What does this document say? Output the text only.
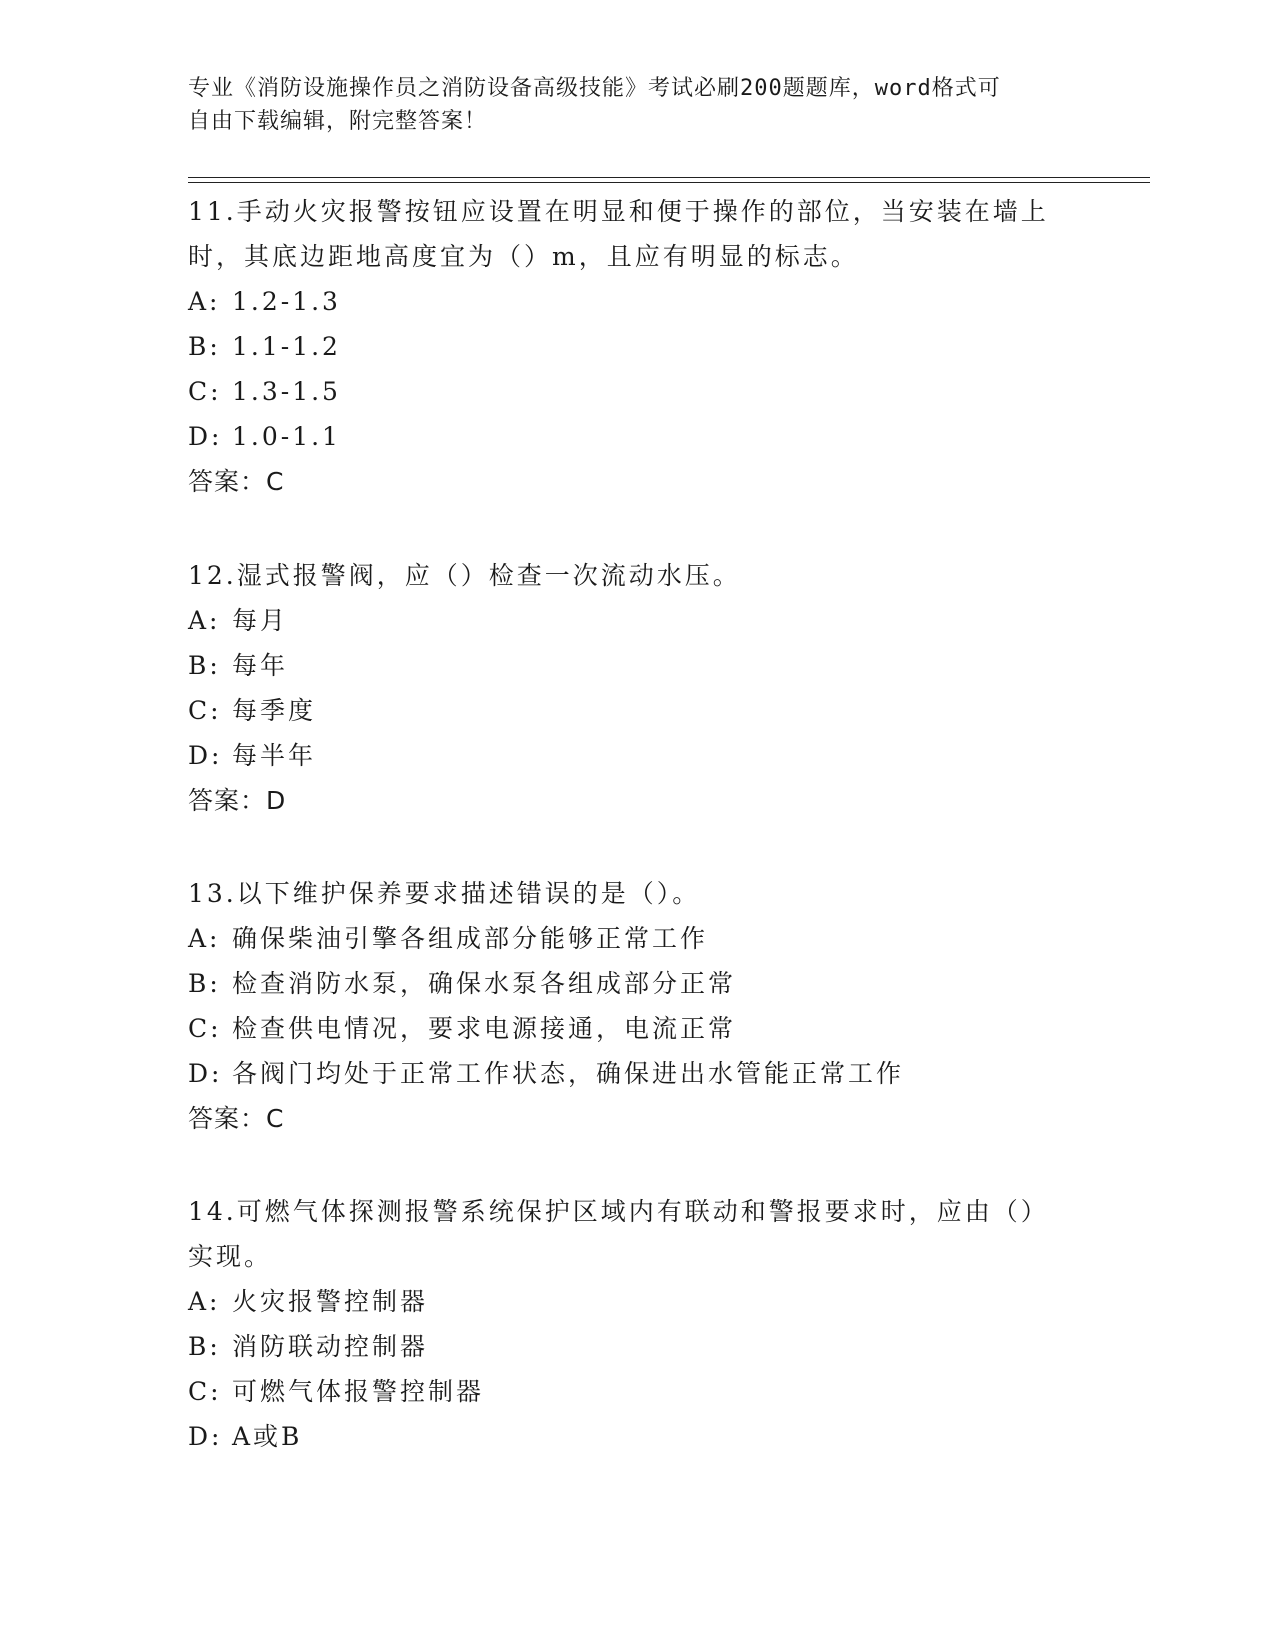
专业《消防设施操作员之消防设备高级技能》考试必刷200题题库，word格式可
自由下载编辑，附完整答案！
11.手动火灾报警按钮应设置在明显和便于操作的部位，当安装在墙上
时，其底边距地高度宜为（）m，且应有明显的标志。
A: 1.2-1.3
B: 1.1-1.2
C: 1.3-1.5
D: 1.0-1.1
答案：C
12.湿式报警阀，应（）检查一次流动水压。
A: 每月
B: 每年
C: 每季度
D: 每半年
答案：D
13.以下维护保养要求描述错误的是（）。
A: 确保柴油引擎各组成部分能够正常工作
B: 检查消防水泵，确保水泵各组成部分正常
C: 检查供电情况，要求电源接通，电流正常
D: 各阀门均处于正常工作状态，确保进出水管能正常工作
答案：C
14.可燃气体探测报警系统保护区域内有联动和警报要求时，应由（）
实现。
A: 火灾报警控制器
B: 消防联动控制器
C: 可燃气体报警控制器
D: A或B
